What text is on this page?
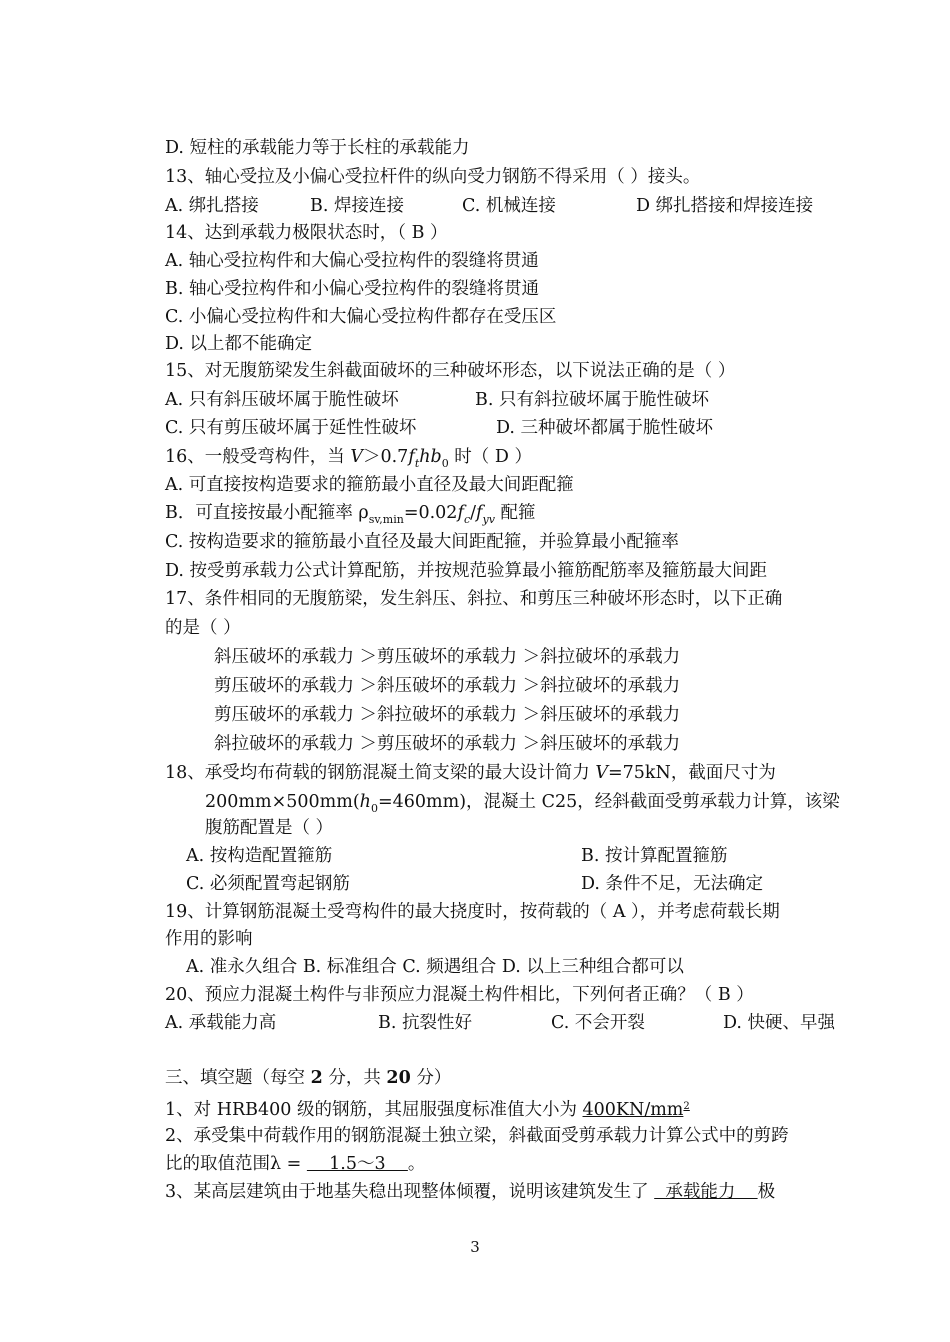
D. 短柱的承载能力等于长柱的承载能力
13、轴心受拉及小偏心受拉杆件的纵向受力钢筋不得采用（ ）接头。
A. 绑扎搭接	B. 焊接连接	C. 机械连接	D 绑扎搭接和焊接连接
14、达到承载力极限状态时，（ B ）
A. 轴心受拉构件和大偏心受拉构件的裂缝将贯通
B. 轴心受拉构件和小偏心受拉构件的裂缝将贯通
C. 小偏心受拉构件和大偏心受拉构件都存在受压区
D. 以上都不能确定
15、对无腹筋梁发生斜截面破坏的三种破坏形态，以下说法正确的是（ ）
A. 只有斜压破坏属于脆性破坏	B. 只有斜拉破坏属于脆性破坏
C. 只有剪压破坏属于延性性破坏	D. 三种破坏都属于脆性破坏
16、一般受弯构件，当 $V>0.7f_thb_0$ 时（ D ）
A. 可直接按构造要求的箍筋最小直径及最大间距配箍
B．可直接按最小配箍率 $\rho_{sv,min}=0.02f_c/f_{yv}$ 配箍
C. 按构造要求的箍筋最小直径及最大间距配箍，并验算最小配箍率
D. 按受剪承载力公式计算配筋，并按规范验算最小箍筋配筋率及箍筋最大间距
17、条件相同的无腹筋梁，发生斜压、斜拉、和剪压三种破坏形态时，以下正确
的是（ ）
斜压破坏的承载力 ＞剪压破坏的承载力 ＞斜拉破坏的承载力
剪压破坏的承载力 ＞斜压破坏的承载力 ＞斜拉破坏的承载力
剪压破坏的承载力 ＞斜拉破坏的承载力 ＞斜压破坏的承载力
斜拉破坏的承载力 ＞剪压破坏的承载力 ＞斜压破坏的承载力
18、承受均布荷载的钢筋混凝土简支梁的最大设计简力 V=75kN，截面尺寸为
$200mm\times 500mm(h_0=460mm)$，混凝土 C25，经斜截面受剪承载力计算，该梁
腹筋配置是（ ）
A. 按构造配置箍筋	B. 按计算配置箍筋
C. 必须配置弯起钢筋	D. 条件不足，无法确定
19、计算钢筋混凝土受弯构件的最大挠度时，按荷载的（ A ），并考虑荷载长期
作用的影响
A. 准永久组合 B. 标准组合 C. 频遇组合 D. 以上三种组合都可以
20、预应力混凝土构件与非预应力混凝土构件相比，下列何者正确？（ B ）
A. 承载能力高	B. 抗裂性好	C. 不会开裂	D. 快硬、早强
三、填空题（每空 2 分，共 20 分）
1、对 HRB400 级的钢筋，其屈服强度标准值大小为 $400KN/mm^2$
2、承受集中荷载作用的钢筋混凝土独立梁，斜截面受剪承载力计算公式中的剪跨
比的取值范围λ =     1.5～3    。
3、某高层建筑由于地基失稳出现整体倾覆，说明该建筑发生了   承载能力    极
3
